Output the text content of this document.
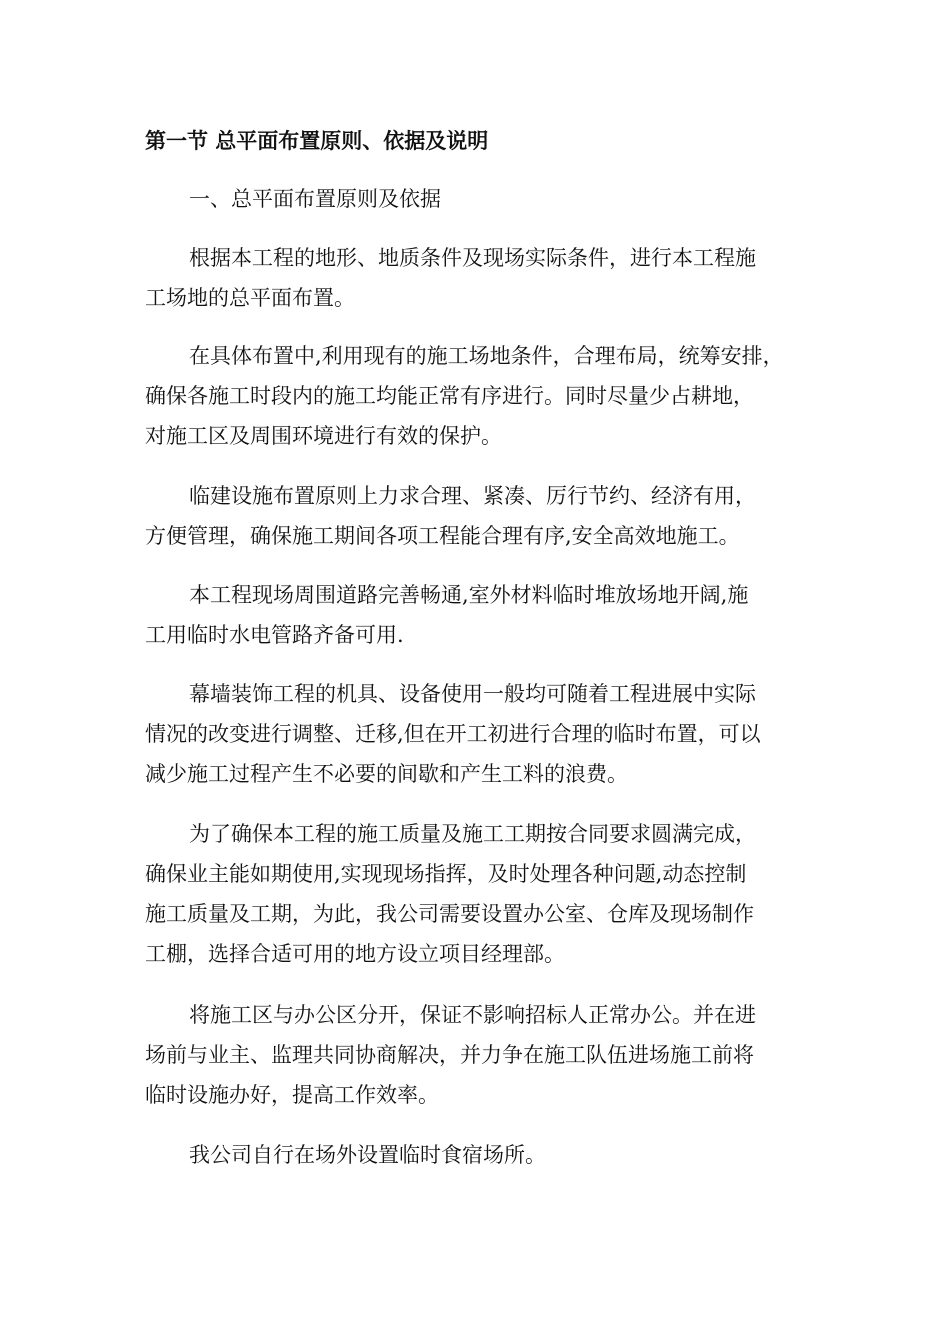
第一节 总平面布置原则、依据及说明
一、总平面布置原则及依据

根据本工程的地形、地质条件及现场实际条件，进行本工程施
工场地的总平面布置。

在具体布置中,利用现有的施工场地条件，合理布局，统筹安排，
确保各施工时段内的施工均能正常有序进行。同时尽量少占耕地，
对施工区及周围环境进行有效的保护。

临建设施布置原则上力求合理、紧凑、厉行节约、经济有用，
方便管理，确保施工期间各项工程能合理有序,安全高效地施工。

本工程现场周围道路完善畅通,室外材料临时堆放场地开阔,施
工用临时水电管路齐备可用.

幕墙装饰工程的机具、设备使用一般均可随着工程进展中实际
情况的改变进行调整、迁移,但在开工初进行合理的临时布置，可以
减少施工过程产生不必要的间歇和产生工料的浪费。

为了确保本工程的施工质量及施工工期按合同要求圆满完成，
确保业主能如期使用,实现现场指挥，及时处理各种问题,动态控制
施工质量及工期，为此，我公司需要设置办公室、仓库及现场制作
工棚，选择合适可用的地方设立项目经理部。

将施工区与办公区分开，保证不影响招标人正常办公。并在进
场前与业主、监理共同协商解决，并力争在施工队伍进场施工前将
临时设施办好，提高工作效率。

我公司自行在场外设置临时食宿场所。
